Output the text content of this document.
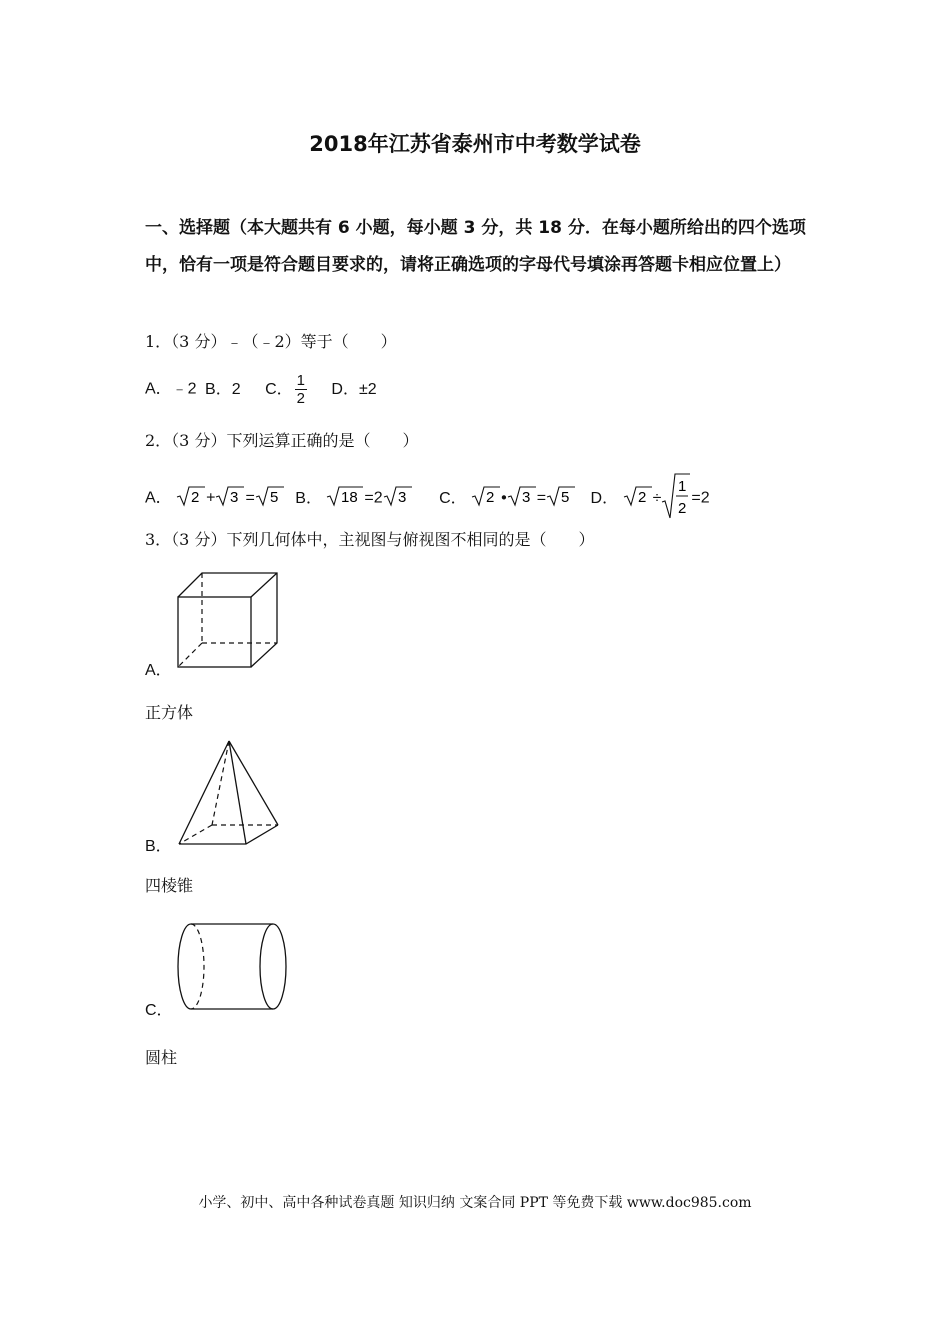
2018年江苏省泰州市中考数学试卷
一、选择题（本大题共有 6 小题，每小题 3 分，共 18 分．在每小题所给出的四个选项中，恰有一项是符合题目要求的，请将正确选项的字母代号填涂再答题卡相应位置上）
1．（3 分）﹣（﹣2）等于（　　）
A．﹣2 B．2 C． $\frac{1}{2}$ D．±2
2．（3 分）下列运算正确的是（　　）
A． 2 + 3 = 5 B． 18 =2 3 C． 2 • 3 = 5 D． 2 ÷
1
2
=2
3．（3 分）下列几何体中，主视图与俯视图不相同的是（　　）
A．
正方体
B．
四棱锥
C．
圆柱
小学、初中、高中各种试卷真题 知识归纳 文案合同 PPT 等免费下载 www.doc985.com
